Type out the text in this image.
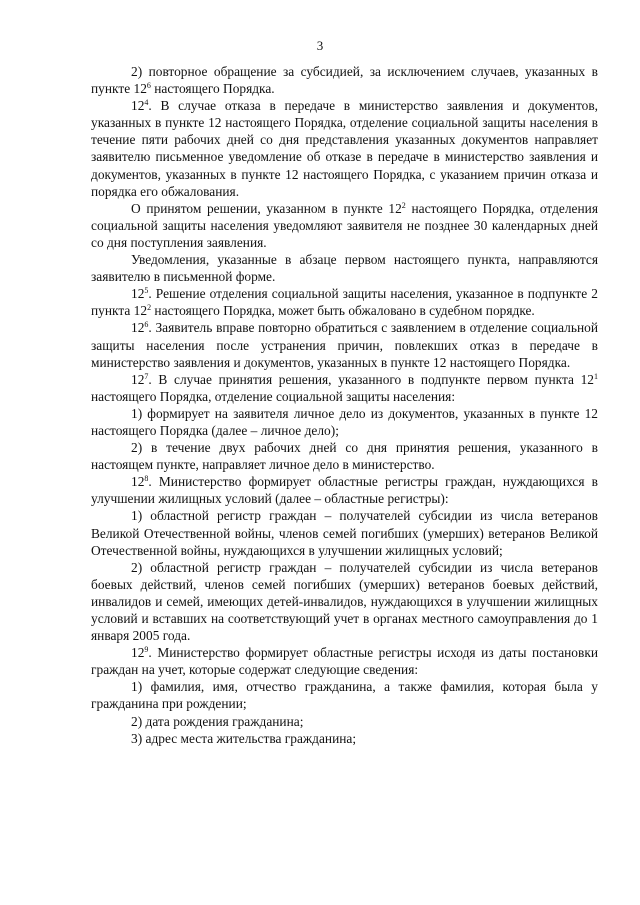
3

2) повторное обращение за субсидией, за исключением случаев, указанных в пункте $12^6$ настоящего Порядка.

$12^4$. В случае отказа в передаче в министерство заявления и документов, указанных в пункте 12 настоящего Порядка, отделение социальной защиты населения в течение пяти рабочих дней со дня представления указанных документов направляет заявителю письменное уведомление об отказе в передаче в министерство заявления и документов, указанных в пункте 12 настоящего Порядка, с указанием причин отказа и порядка его обжалования.

О принятом решении, указанном в пункте $12^2$ настоящего Порядка, отделения социальной защиты населения уведомляют заявителя не позднее 30 календарных дней со дня поступления заявления.

Уведомления, указанные в абзаце первом настоящего пункта, направляются заявителю в письменной форме.

$12^5$. Решение отделения социальной защиты населения, указанное в подпункте 2 пункта $12^2$ настоящего Порядка, может быть обжаловано в судебном порядке.

$12^6$. Заявитель вправе повторно обратиться с заявлением в отделение социальной защиты населения после устранения причин, повлекших отказ в передаче в министерство заявления и документов, указанных в пункте 12 настоящего Порядка.

$12^7$. В случае принятия решения, указанного в подпункте первом пункта $12^1$ настоящего Порядка, отделение социальной защиты населения:

1) формирует на заявителя личное дело из документов, указанных в пункте 12 настоящего Порядка (далее – личное дело);

2) в течение двух рабочих дней со дня принятия решения, указанного в настоящем пункте, направляет личное дело в министерство.

$12^8$. Министерство формирует областные регистры граждан, нуждающихся в улучшении жилищных условий (далее – областные регистры):

1) областной регистр граждан – получателей субсидии из числа ветеранов Великой Отечественной войны, членов семей погибших (умерших) ветеранов Великой Отечественной войны, нуждающихся в улучшении жилищных условий;

2) областной регистр граждан – получателей субсидии из числа ветеранов боевых действий, членов семей погибших (умерших) ветеранов боевых действий, инвалидов и семей, имеющих детей-инвалидов, нуждающихся в улучшении жилищных условий и вставших на соответствующий учет в органах местного самоуправления до 1 января 2005 года.

$12^9$. Министерство формирует областные регистры исходя из даты постановки граждан на учет, которые содержат следующие сведения:

1) фамилия, имя, отчество гражданина, а также фамилия, которая была у гражданина при рождении;

2) дата рождения гражданина;

3) адрес места жительства гражданина;
